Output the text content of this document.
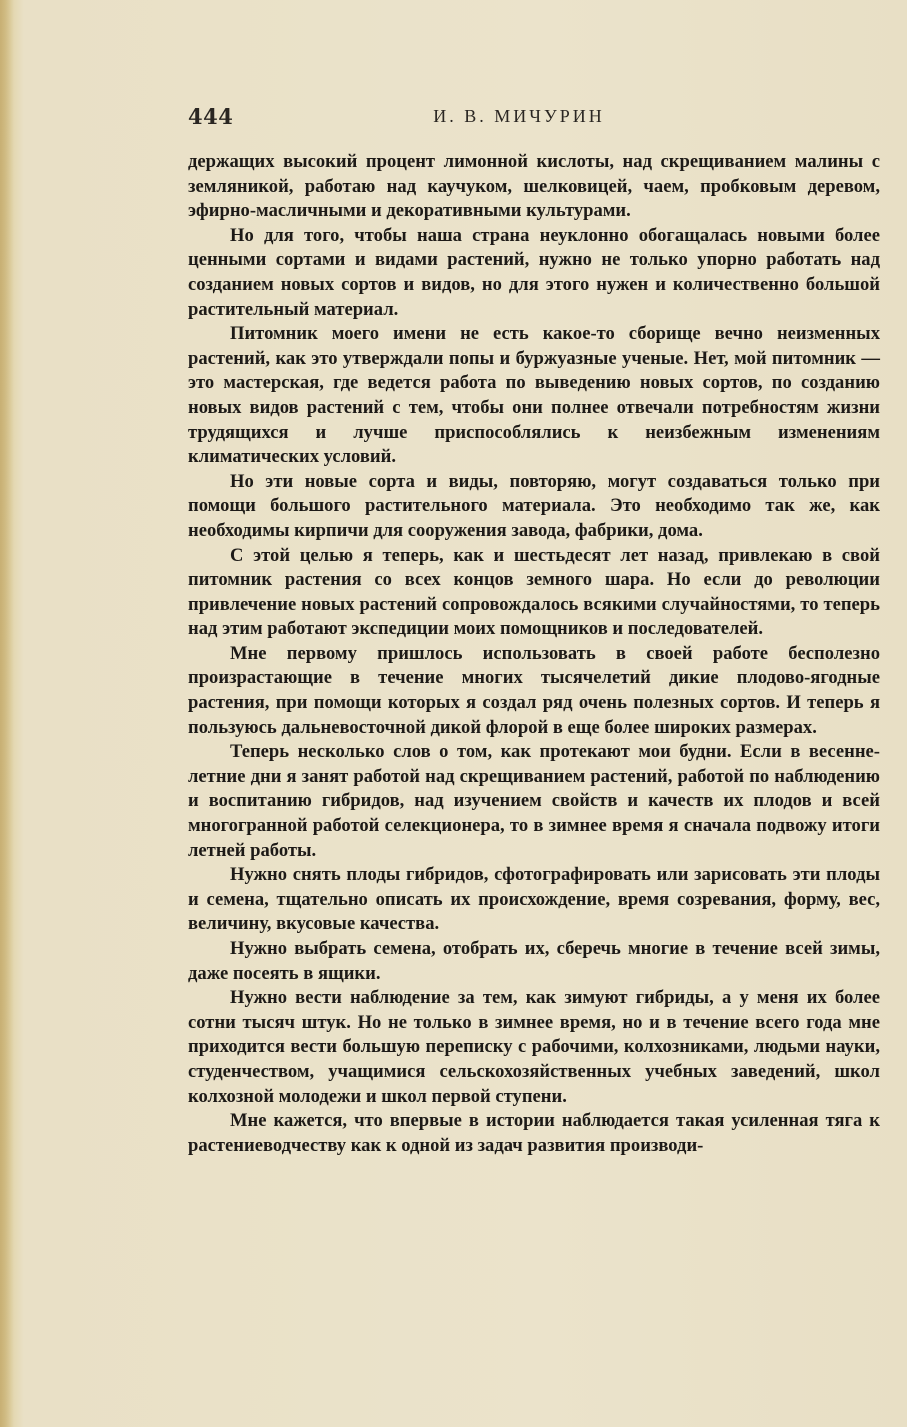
444	И. В. МИЧУРИН

держащих высокий процент лимонной кислоты, над скрещиванием малины с земляникой, работаю над каучуком, шелковицей, чаем, пробковым деревом, эфирно-масличными и декоративными культурами.

Но для того, чтобы наша страна неуклонно обогащалась новыми более ценными сортами и видами растений, нужно не только упорно работать над созданием новых сортов и видов, но для этого нужен и количественно большой растительный материал.

Питомник моего имени не есть какое-то сборище вечно неизменных растений, как это утверждали попы и буржуазные ученые. Нет, мой питомник — это мастерская, где ведется работа по выведению новых сортов, по созданию новых видов растений с тем, чтобы они полнее отвечали потребностям жизни трудящихся и лучше приспособлялись к неизбежным изменениям климатических условий.

Но эти новые сорта и виды, повторяю, могут создаваться только при помощи большого растительного материала. Это необходимо так же, как необходимы кирпичи для сооружения завода, фабрики, дома.

С этой целью я теперь, как и шестьдесят лет назад, привлекаю в свой питомник растения со всех концов земного шара. Но если до революции привлечение новых растений сопровождалось всякими случайностями, то теперь над этим работают экспедиции моих помощников и последователей.

Мне первому пришлось использовать в своей работе бесполезно произрастающие в течение многих тысячелетий дикие плодово-ягодные растения, при помощи которых я создал ряд очень полезных сортов. И теперь я пользуюсь дальневосточной дикой флорой в еще более широких размерах.

Теперь несколько слов о том, как протекают мои будни. Если в весенне-летние дни я занят работой над скрещиванием растений, работой по наблюдению и воспитанию гибридов, над изучением свойств и качеств их плодов и всей многогранной работой селекционера, то в зимнее время я сначала подвожу итоги летней работы.

Нужно снять плоды гибридов, сфотографировать или зарисовать эти плоды и семена, тщательно описать их происхождение, время созревания, форму, вес, величину, вкусовые качества.

Нужно выбрать семена, отобрать их, сберечь многие в течение всей зимы, даже посеять в ящики.

Нужно вести наблюдение за тем, как зимуют гибриды, а у меня их более сотни тысяч штук. Но не только в зимнее время, но и в течение всего года мне приходится вести большую переписку с рабочими, колхозниками, людьми науки, студенчеством, учащимися сельскохозяйственных учебных заведений, школ колхозной молодежи и школ первой ступени.

Мне кажется, что впервые в истории наблюдается такая усиленная тяга к растениеводчеству как к одной из задач развития производи-
